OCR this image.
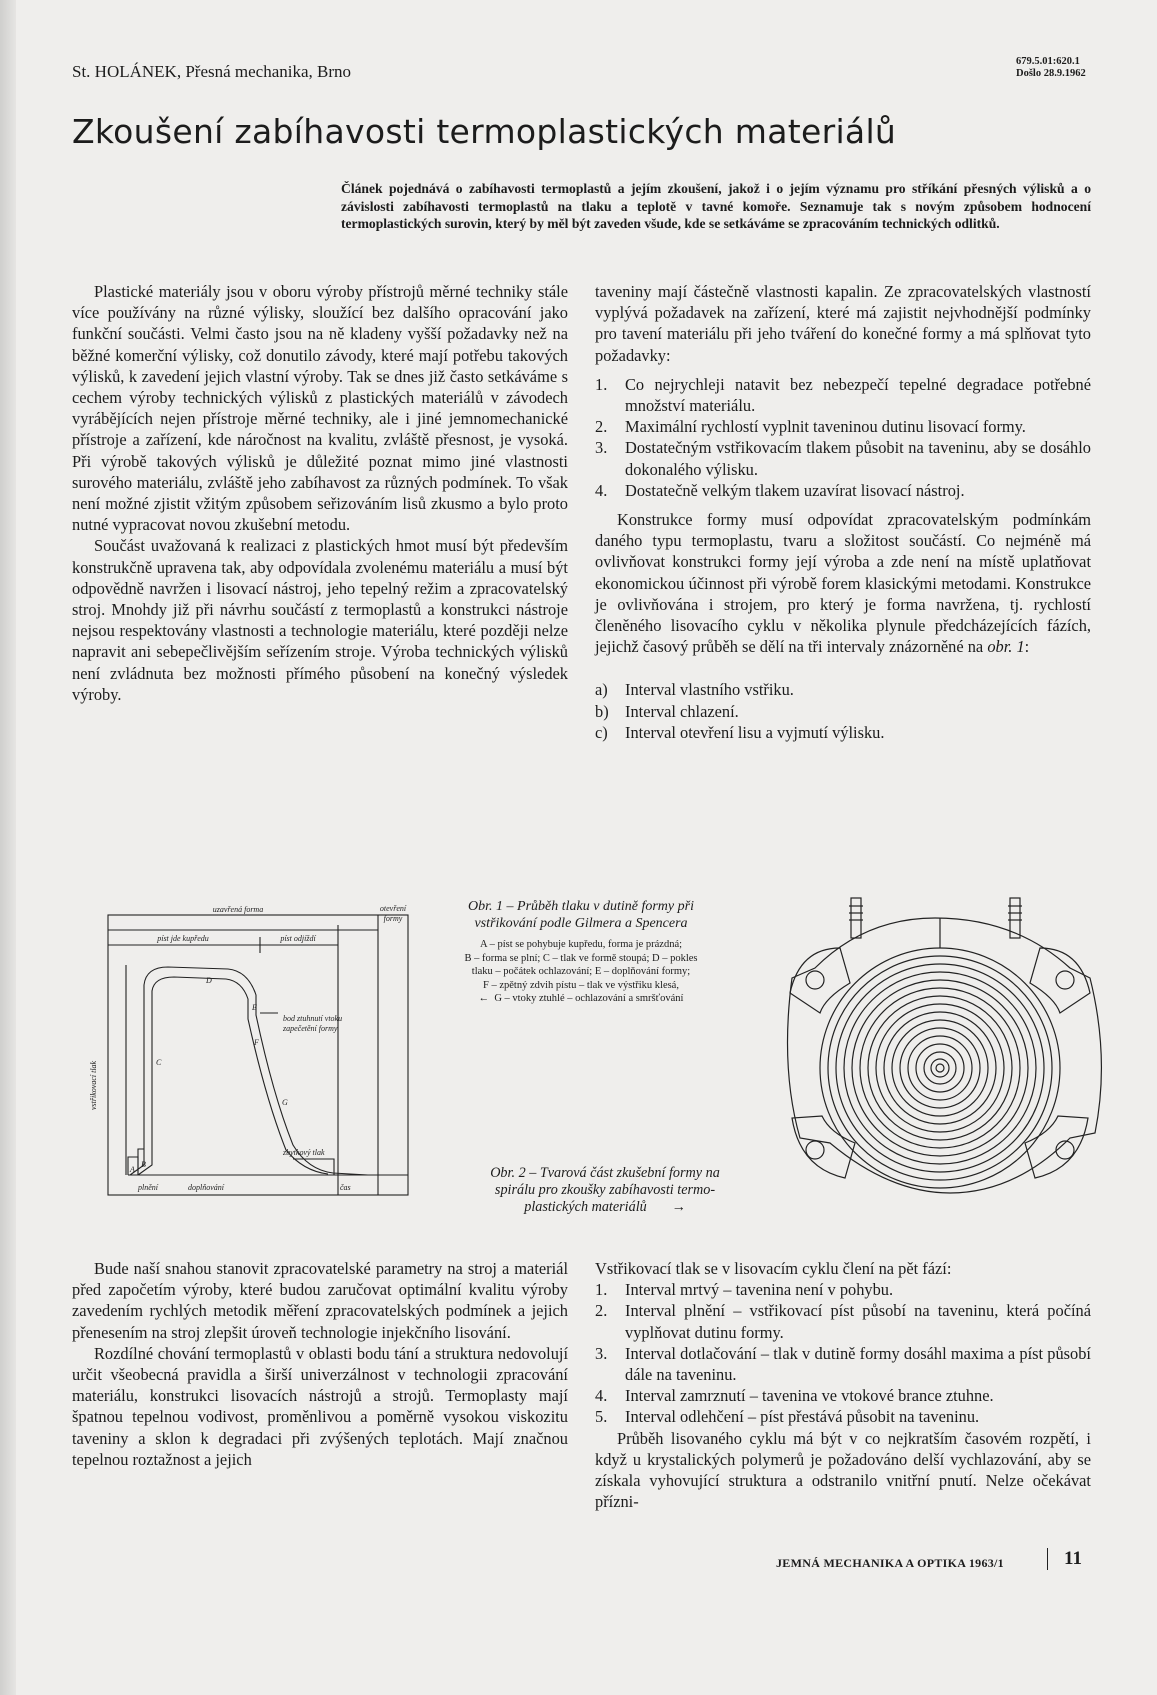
St. HOLÁNEK, Přesná mechanika, Brno
679.5.01:620.1
Došlo 28.9.1962
Zkoušení zabíhavosti termoplastických materiálů
Článek pojednává o zabíhavosti termoplastů a jejím zkoušení, jakož i o jejím významu pro stříkání přesných výlisků a o závislosti zabíhavosti termoplastů na tlaku a teplotě v tavné komoře. Seznamuje tak s novým způsobem hodnocení termoplastických surovin, který by měl být zaveden všude, kde se setkáváme se zpracováním technických odlitků.

Plastické materiály jsou v oboru výroby přístrojů měrné techniky stále více používány na různé výlisky, sloužící bez dalšího opracování jako funkční součásti. Velmi často jsou na ně kladeny vyšší požadavky než na běžné komerční výlisky, což donutilo závody, které mají potřebu takových výlisků, k zavedení jejich vlastní výroby. Tak se dnes již často setkáváme s cechem výroby technických výlisků z plastických materiálů v závodech vyrábějících nejen přístroje měrné techniky, ale i jiné jemnomechanické přístroje a zařízení, kde náročnost na kvalitu, zvláště přesnost, je vysoká. Při výrobě takových výlisků je důležité poznat mimo jiné vlastnosti surového materiálu, zvláště jeho zabíhavost za různých podmínek. To však není možné zjistit vžitým způsobem seřizováním lisů zkusmo a bylo proto nutné vypracovat novou zkušební metodu.

Součást uvažovaná k realizaci z plastických hmot musí být především konstrukčně upravena tak, aby odpovídala zvolenému materiálu a musí být odpovědně navržen i lisovací nástroj, jeho tepelný režim a zpracovatelský stroj. Mnohdy již při návrhu součástí z termoplastů a konstrukci nástroje nejsou respektovány vlastnosti a technologie materiálu, které později nelze napravit ani sebepečlivějším seřízením stroje. Výroba technických výlisků není zvládnuta bez možnosti přímého působení na konečný výsledek výroby.

taveniny mají částečně vlastnosti kapalin. Ze zpracovatelských vlastností vyplývá požadavek na zařízení, které má zajistit nejvhodnější podmínky pro tavení materiálu při jeho tváření do konečné formy a má splňovat tyto požadavky:

1.	Co nejrychleji natavit bez nebezpečí tepelné degradace potřebné množství materiálu.
2.	Maximální rychlostí vyplnit taveninou dutinu lisovací formy.
3.	Dostatečným vstřikovacím tlakem působit na taveninu, aby se dosáhlo dokonalého výlisku.
4.	Dostatečně velkým tlakem uzavírat lisovací nástroj.

Konstrukce formy musí odpovídat zpracovatelským podmínkám daného typu termoplastu, tvaru a složitost součástí. Co nejméně má ovlivňovat konstrukci formy její výroba a zde není na místě uplatňovat ekonomickou účinnost při výrobě forem klasickými metodami. Konstrukce je ovlivňována i strojem, pro který je forma navržena, tj. rychlostí členěného lisovacího cyklu v několika plynule předcházejících fázích, jejichž časový průběh se dělí na tři intervaly znázorněné na obr. 1:

a)	Interval vlastního vstřiku.
b) Interval chlazení.
c)	Interval otevření lisu a vyjmutí výlisku.
uzavřená forma	otevření
formy
píst jde kupředu	píst odjíždí
bod ztuhnutí vtoku
zapečetění formy
zbytkový tlak
plnění	doplňování	čas
vstřikovací tlak
A
B
C
D
E
F
G
Obr. 1 – Průběh tlaku v dutině formy při
vstřikování podle Gilmera a Spencera
A – píst se pohybuje kupředu, forma je prázdná;
B – forma se plní; C – tlak ve formě stoupá; D – pokles
tlaku – počátek ochlazování; E – doplňování formy;
F – zpětný zdvih pístu – tlak ve výstřiku klesá,
← G – vtoky ztuhlé – ochlazování a smršťování
Obr. 2 – Tvarová část zkušební formy na
spirálu pro zkoušky zabíhavosti termo-
plastických materiálů →

Bude naší snahou stanovit zpracovatelské parametry na stroj a materiál před započetím výroby, které budou zaručovat optimální kvalitu výroby zavedením rychlých metodik měření zpracovatelských podmínek a jejich přenesením na stroj zlepšit úroveň technologie injekčního lisování.

Rozdílné chování termoplastů v oblasti bodu tání a struktura nedovolují určit všeobecná pravidla a širší univerzálnost v technologii zpracování materiálu, konstrukci lisovacích nástrojů a strojů. Termoplasty mají špatnou tepelnou vodivost, proměnlivou a poměrně vysokou viskozitu taveniny a sklon k degradaci při zvýšených teplotách. Mají značnou tepelnou roztažnost a jejich

Vstřikovací tlak se v lisovacím cyklu člení na pět fází:

1.	Interval mrtvý – tavenina není v pohybu.
2.	Interval plnění – vstřikovací píst působí na taveninu, která počíná vyplňovat dutinu formy.
3.	Interval dotlačování – tlak v dutině formy dosáhl maxima a píst působí dále na taveninu.
4.	Interval zamrznutí – tavenina ve vtokové brance ztuhne.
5.	Interval odlehčení – píst přestává působit na taveninu.

Průběh lisovaného cyklu má být v co nejkratším časovém rozpětí, i když u krystalických polymerů je požadováno delší vychlazování, aby se získala vyhovující struktura a odstranilo vnitřní pnutí. Nelze očekávat přízni-

JEMNÁ MECHANIKA A OPTIKA 1963/1	11
